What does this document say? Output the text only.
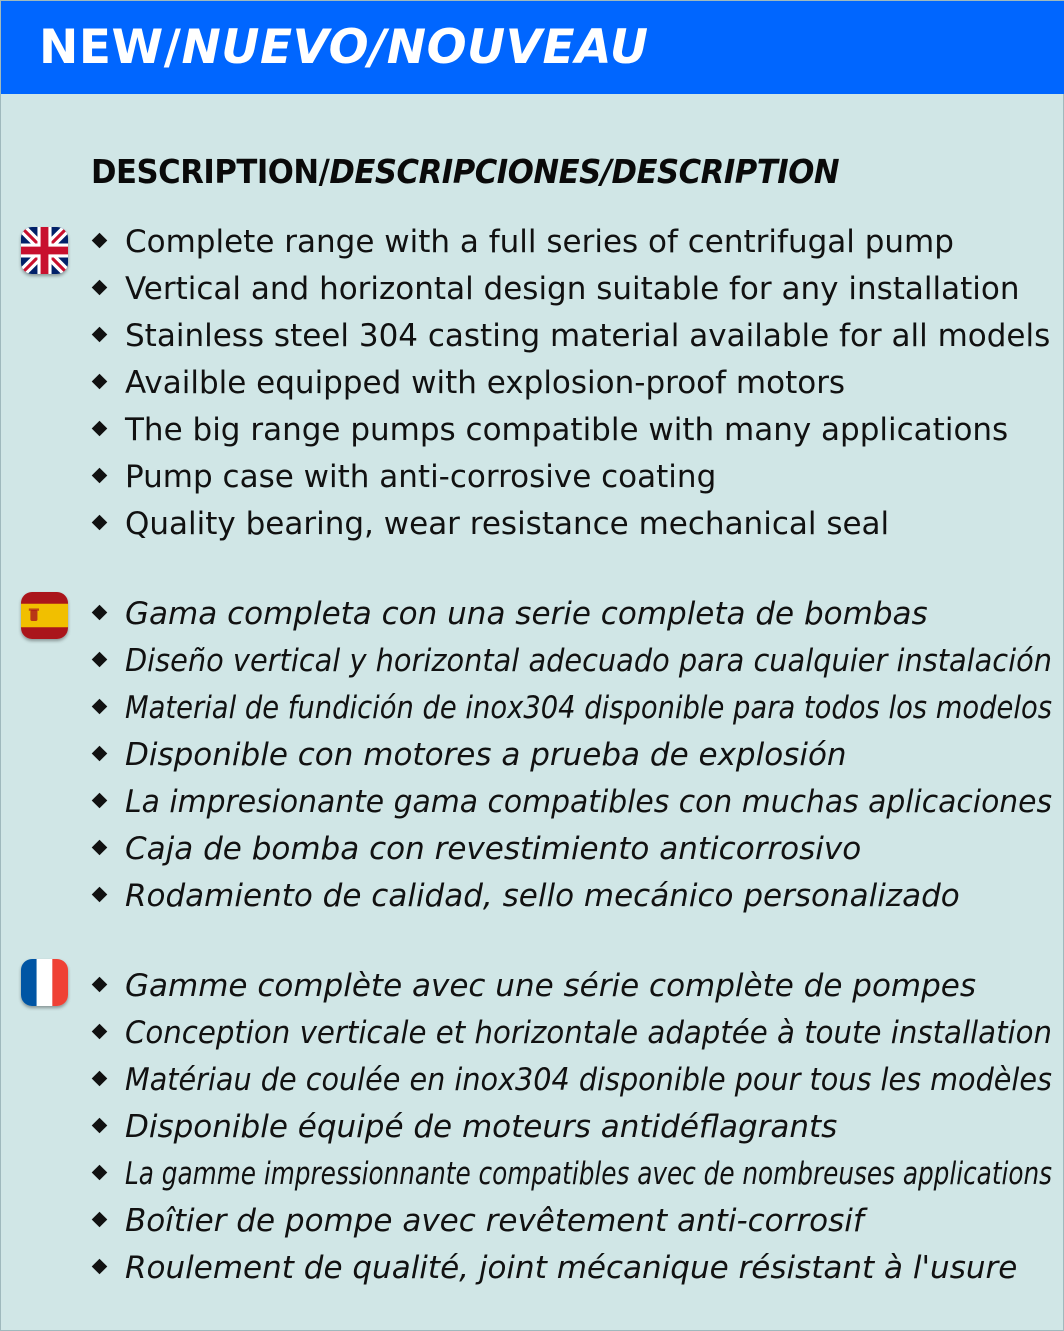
NEW/NUEVO/NOUVEAU
DESCRIPTION/DESCRIPCIONES/DESCRIPTION
Complete range with a full series of centrifugal pump
Vertical and horizontal design suitable for any installation
Stainless steel 304 casting material available for all models
Availble equipped with explosion-proof motors
The big range pumps compatible with many applications
Pump case with anti-corrosive coating
Quality bearing, wear resistance mechanical seal
Gama completa con una serie completa de bombas
Diseño vertical y horizontal adecuado para cualquier instalación
Material de fundición de inox304 disponible para todos los modelos
Disponible con motores a prueba de explosión
La impresionante gama compatibles con muchas aplicaciones
Caja de bomba con revestimiento anticorrosivo
Rodamiento de calidad, sello mecánico personalizado
Gamme complète avec une série complète de pompes
Conception verticale et horizontale adaptée à toute installation
Matériau de coulée en inox304 disponible pour tous les modèles
Disponible équipé de moteurs antidéflagrants
La gamme impressionnante compatibles avec de nombreuses applications
Boîtier de pompe avec revêtement anti-corrosif
Roulement de qualité, joint mécanique résistant à l'usure
